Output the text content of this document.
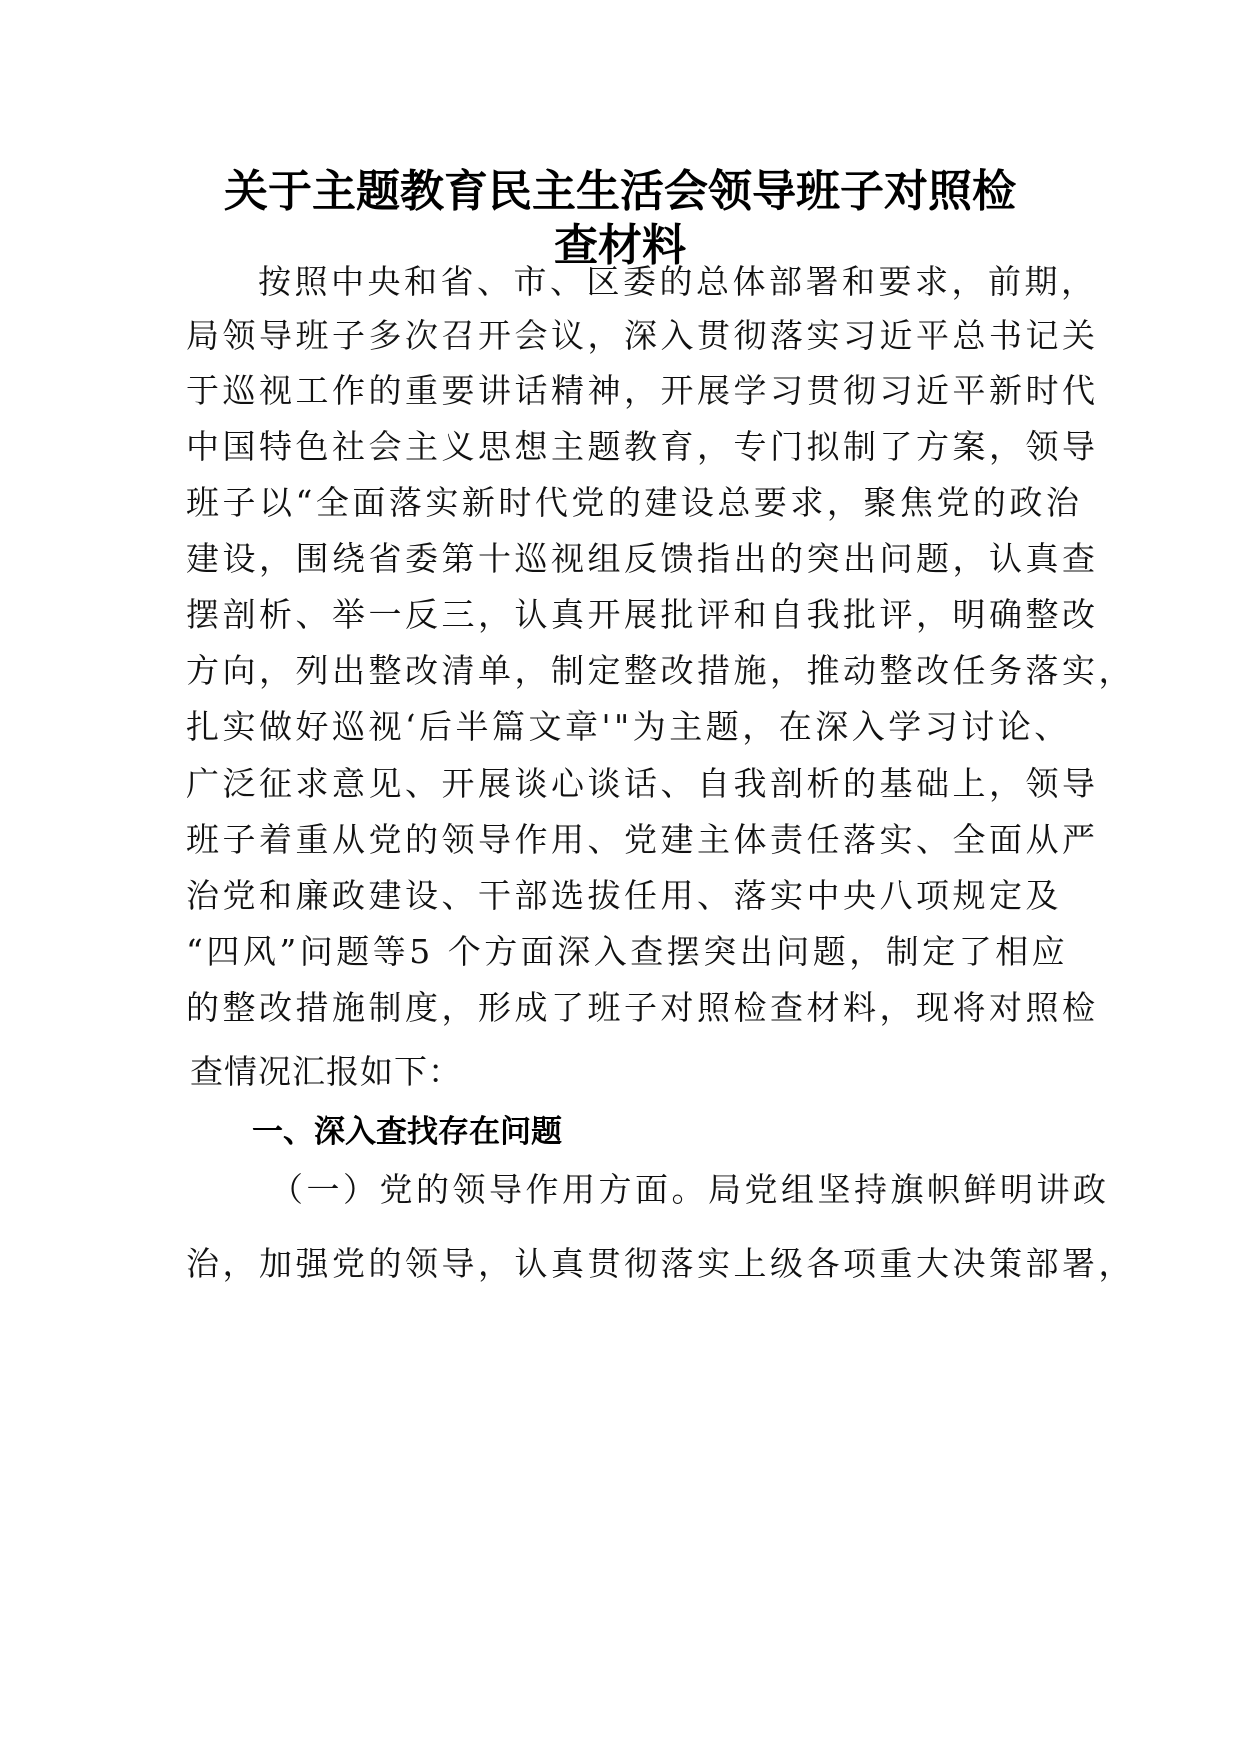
关于主题教育民主生活会领导班子对照检
查材料
按照中央和省、市、区委的总体部署和要求，前期，
局领导班子多次召开会议，深入贯彻落实习近平总书记关
于巡视工作的重要讲话精神，开展学习贯彻习近平新时代
中国特色社会主义思想主题教育，专门拟制了方案，领导
班子以“全面落实新时代党的建设总要求，聚焦党的政治
建设，围绕省委第十巡视组反馈指出的突出问题，认真查
摆剖析、举一反三，认真开展批评和自我批评，明确整改
方向，列出整改清单，制定整改措施，推动整改任务落实，
扎实做好巡视‘后半篇文章'"为主题，在深入学习讨论、
广泛征求意见、开展谈心谈话、自我剖析的基础上，领导
班子着重从党的领导作用、党建主体责任落实、全面从严
治党和廉政建设、干部选拔任用、落实中央八项规定及
“四风”问题等5 个方面深入查摆突出问题，制定了相应
的整改措施制度，形成了班子对照检查材料，现将对照检
查情况汇报如下：
一、深入查找存在问题
（一）党的领导作用方面。局党组坚持旗帜鲜明讲政
治，加强党的领导，认真贯彻落实上级各项重大决策部署，
